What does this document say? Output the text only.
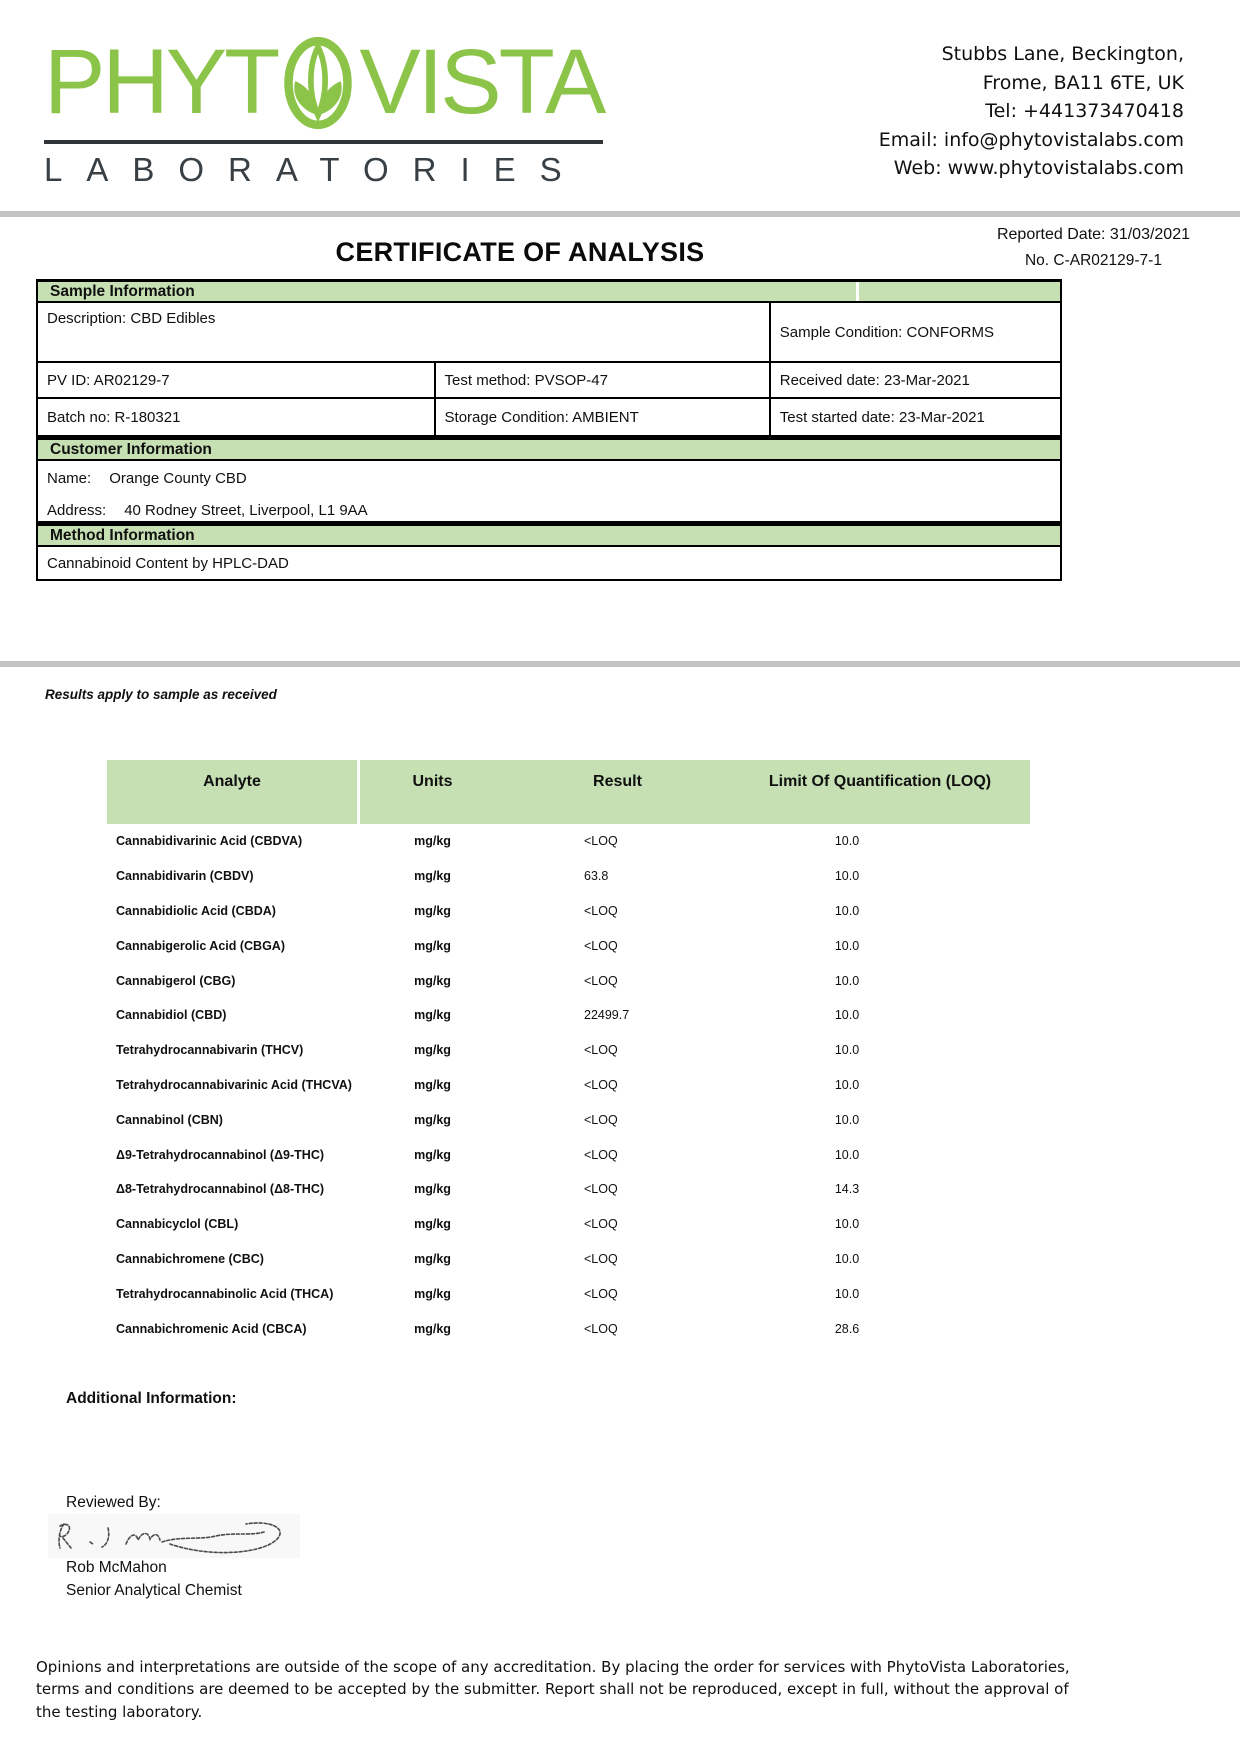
PHYT VISTA
LABORATORIES
Stubbs Lane, Beckington,
Frome, BA11 6TE, UK
Tel: +441373470418
Email: info@phytovistalabs.com
Web: www.phytovistalabs.com
CERTIFICATE OF ANALYSIS
Reported Date: 31/03/2021
No. C-AR02129-7-1
Sample Information
Description: CBD Edibles
Sample Condition: CONFORMS
PV ID: AR02129-7	Test method: PVSOP-47	Received date: 23-Mar-2021
Batch no: R-180321	Storage Condition: AMBIENT	Test started date: 23-Mar-2021
Customer Information
Name: Orange County CBD
Address: 40 Rodney Street, Liverpool, L1 9AA
Method Information
Cannabinoid Content by HPLC-DAD
Results apply to sample as received
Analyte	Units	Result	Limit Of Quantification (LOQ)
Cannabidivarinic Acid (CBDVA)	mg/kg	<LOQ	10.0
Cannabidivarin (CBDV)	mg/kg	63.8	10.0
Cannabidiolic Acid (CBDA)	mg/kg	<LOQ	10.0
Cannabigerolic Acid (CBGA)	mg/kg	<LOQ	10.0
Cannabigerol (CBG)	mg/kg	<LOQ	10.0
Cannabidiol (CBD)	mg/kg	22499.7	10.0
Tetrahydrocannabivarin (THCV)	mg/kg	<LOQ	10.0
Tetrahydrocannabivarinic Acid (THCVA)	mg/kg	<LOQ	10.0
Cannabinol (CBN)	mg/kg	<LOQ	10.0
Δ9-Tetrahydrocannabinol (Δ9-THC)	mg/kg	<LOQ	10.0
Δ8-Tetrahydrocannabinol (Δ8-THC)	mg/kg	<LOQ	14.3
Cannabicyclol (CBL)	mg/kg	<LOQ	10.0
Cannabichromene (CBC)	mg/kg	<LOQ	10.0
Tetrahydrocannabinolic Acid (THCA)	mg/kg	<LOQ	10.0
Cannabichromenic Acid (CBCA)	mg/kg	<LOQ	28.6
Additional Information:
Reviewed By:
Rob McMahon
Senior Analytical Chemist
Opinions and interpretations are outside of the scope of any accreditation. By placing the order for services with PhytoVista Laboratories,
terms and conditions are deemed to be accepted by the submitter. Report shall not be reproduced, except in full, without the approval of
the testing laboratory.
